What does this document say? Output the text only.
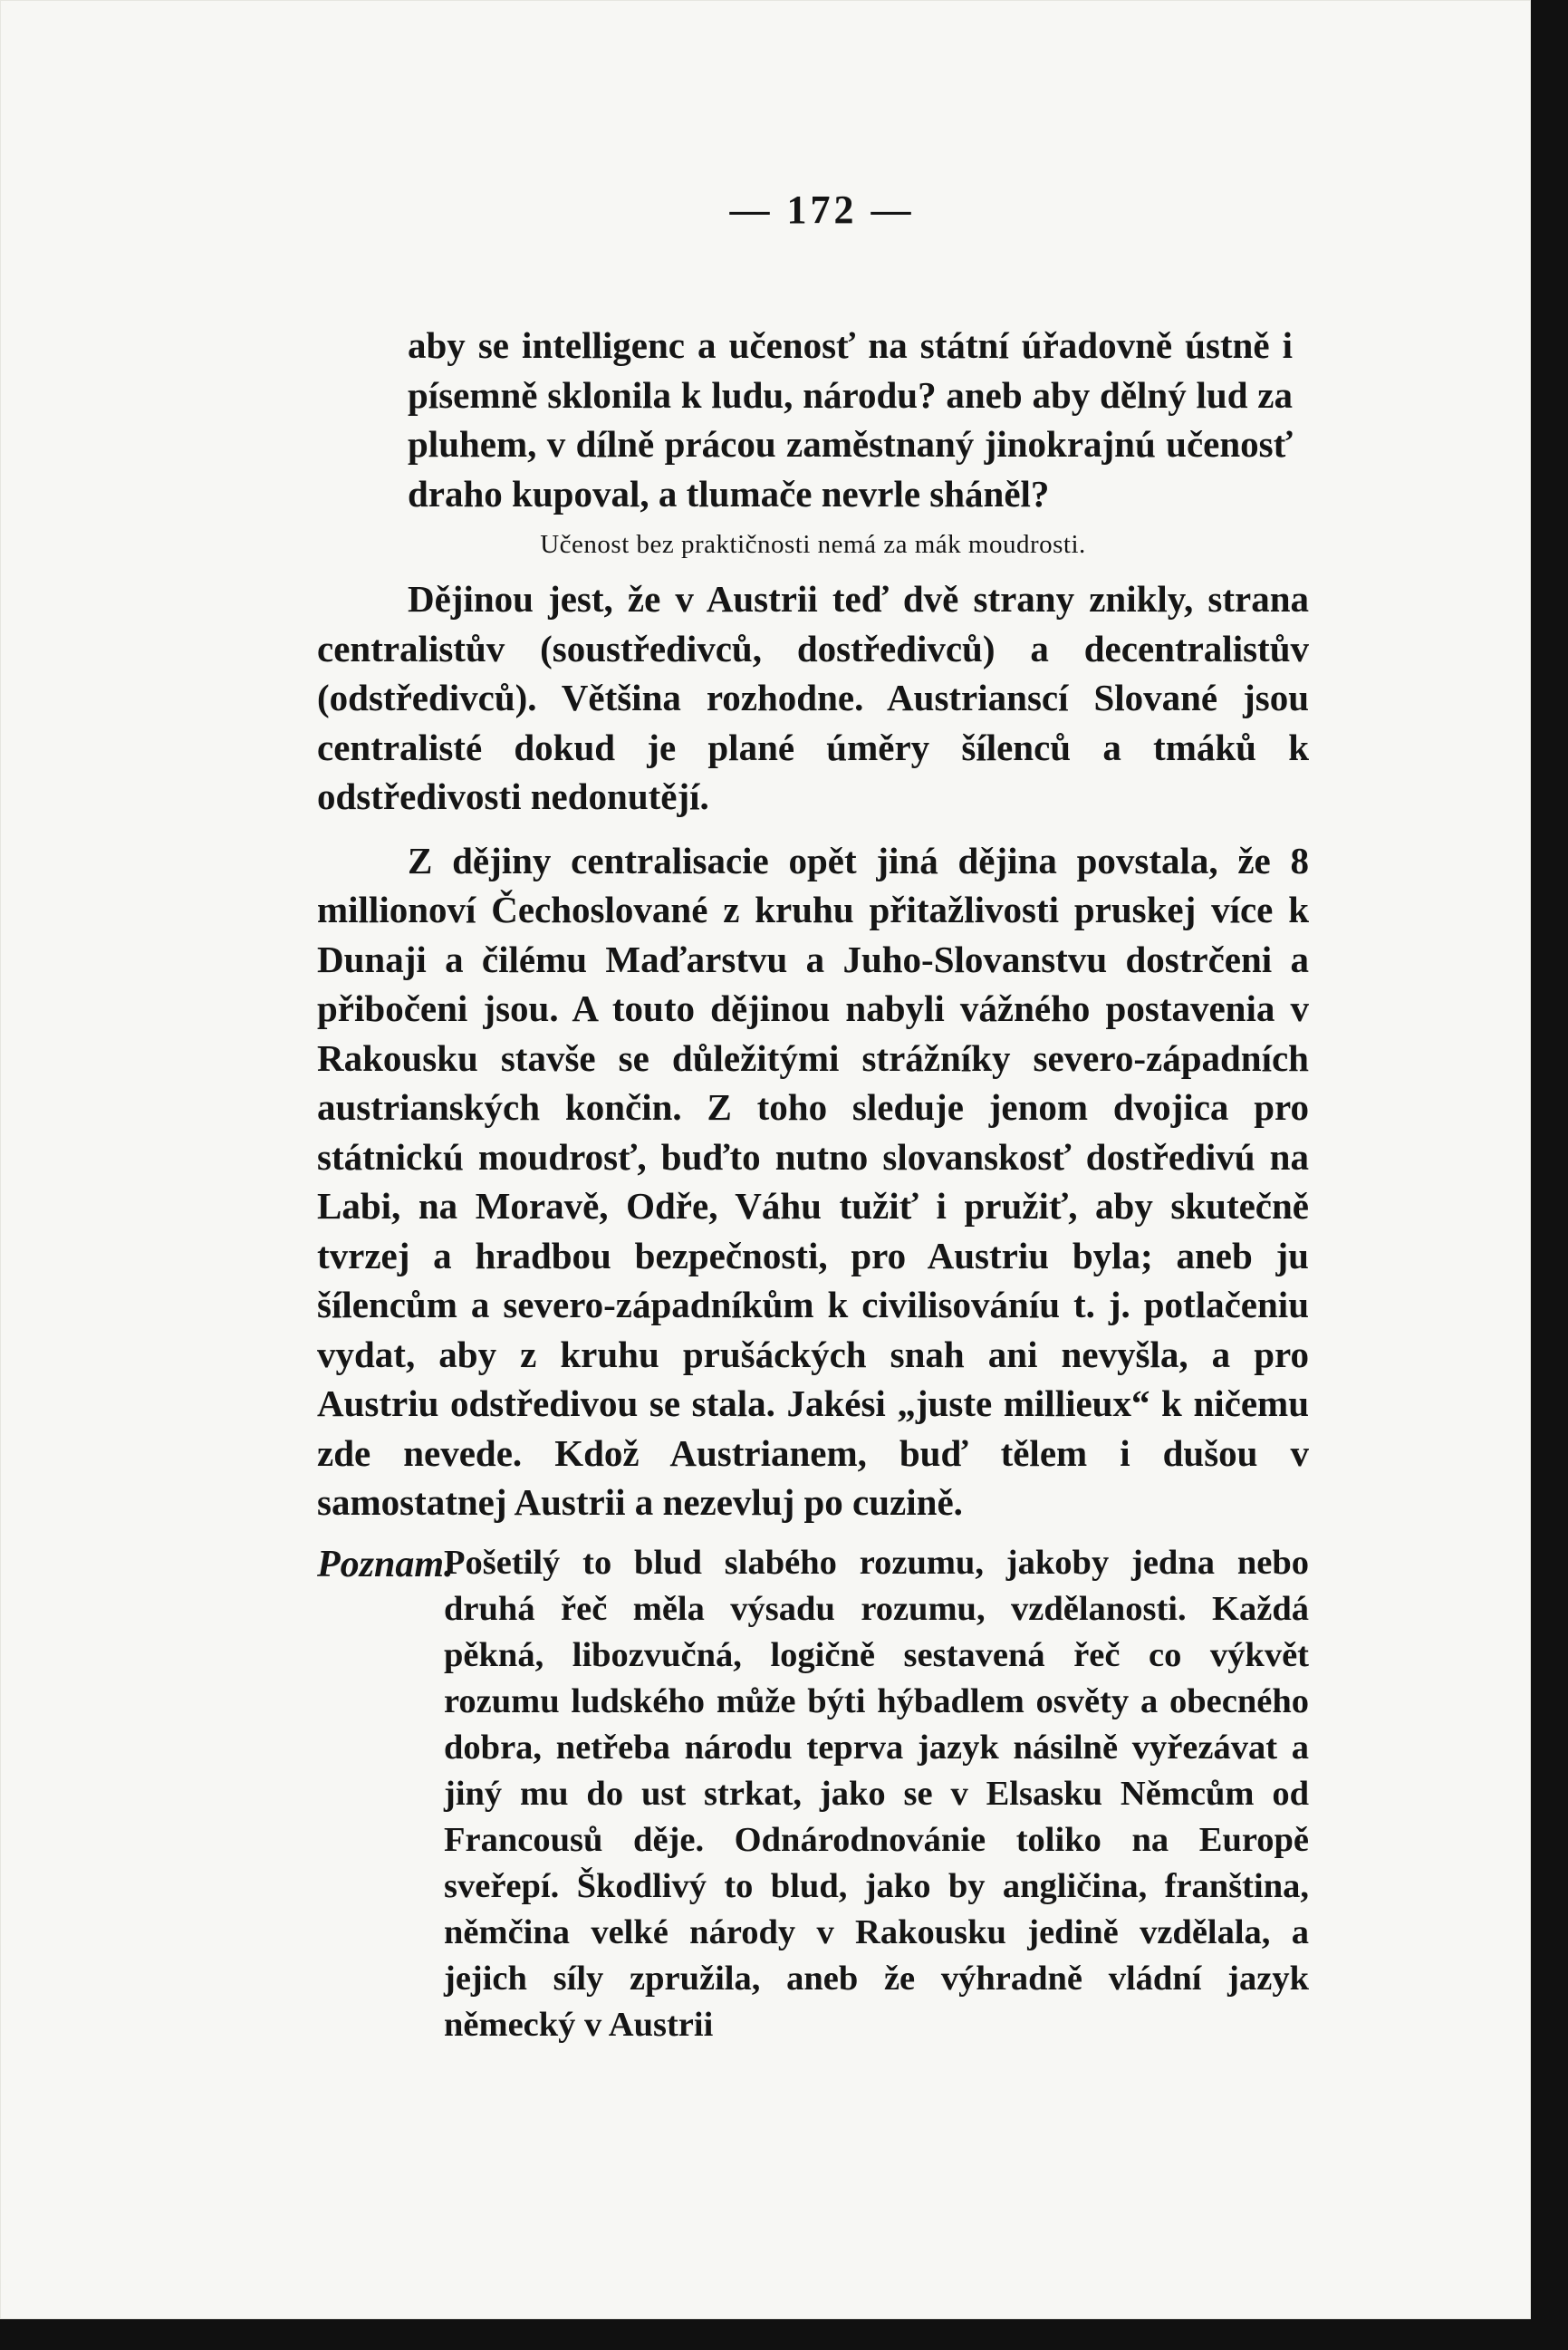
— 172 —

aby se intelligenc a učenosť na státní úřadovně ústně i písemně sklonila k ludu, národu? aneb aby dělný lud za pluhem, v dílně prácou zaměstnaný jinokrajnú učenosť draho kupoval, a tlumače nevrle sháněl?

Učenost bez praktičnosti nemá za mák moudrosti.

Dějinou jest, že v Austrii teď dvě strany znikly, strana centralistův (soustředivců, dostředivců) a decentralistův (odstředivců). Většina rozhodne. Austrianscí Slované jsou centralisté dokud je plané úměry šílenců a tmáků k odstředivosti nedonutějí.

Z dějiny centralisacie opět jiná dějina povstala, že 8 millionoví Čechoslované z kruhu přitažlivosti pruskej více k Dunaji a čilému Maďarstvu a Juho-Slovanstvu dostrčeni a přibočeni jsou. A touto dějinou nabyli vážného postavenia v Rakousku stavše se důležitými strážníky severo-západních austrianských končin. Z toho sleduje jenom dvojica pro státnickú moudrosť, buďto nutno slovanskosť dostředivú na Labi, na Moravě, Odře, Váhu tužiť i pružiť, aby skutečně tvrzej a hradbou bezpečnosti, pro Austriu byla; aneb ju šílencům a severo-západníkům k civilisováníu t. j. potlačeniu vydat, aby z kruhu prušáckých snah ani nevyšla, a pro Austriu odstředivou se stala. Jakési „juste millieux“ k ničemu zde nevede. Kdož Austrianem, buď tělem i dušou v samostatnej Austrii a nezevluj po cuzině.

Poznam.
Pošetilý to blud slabého rozumu, jakoby jedna nebo druhá řeč měla výsadu rozumu, vzdělanosti. Každá pěkná, libozvučná, logičně sestavená řeč co výkvět rozumu ludského může býti hýbadlem osvěty a obecného dobra, netřeba národu teprva jazyk násilně vyřezávat a jiný mu do ust strkat, jako se v Elsasku Němcům od Francousů děje. Odnárodnovánie toliko na Europě sveřepí. Škodlivý to blud, jako by angličina, franština, němčina velké národy v Rakousku jedině vzdělala, a jejich síly zpružila, aneb že výhradně vládní jazyk německý v Austrii
